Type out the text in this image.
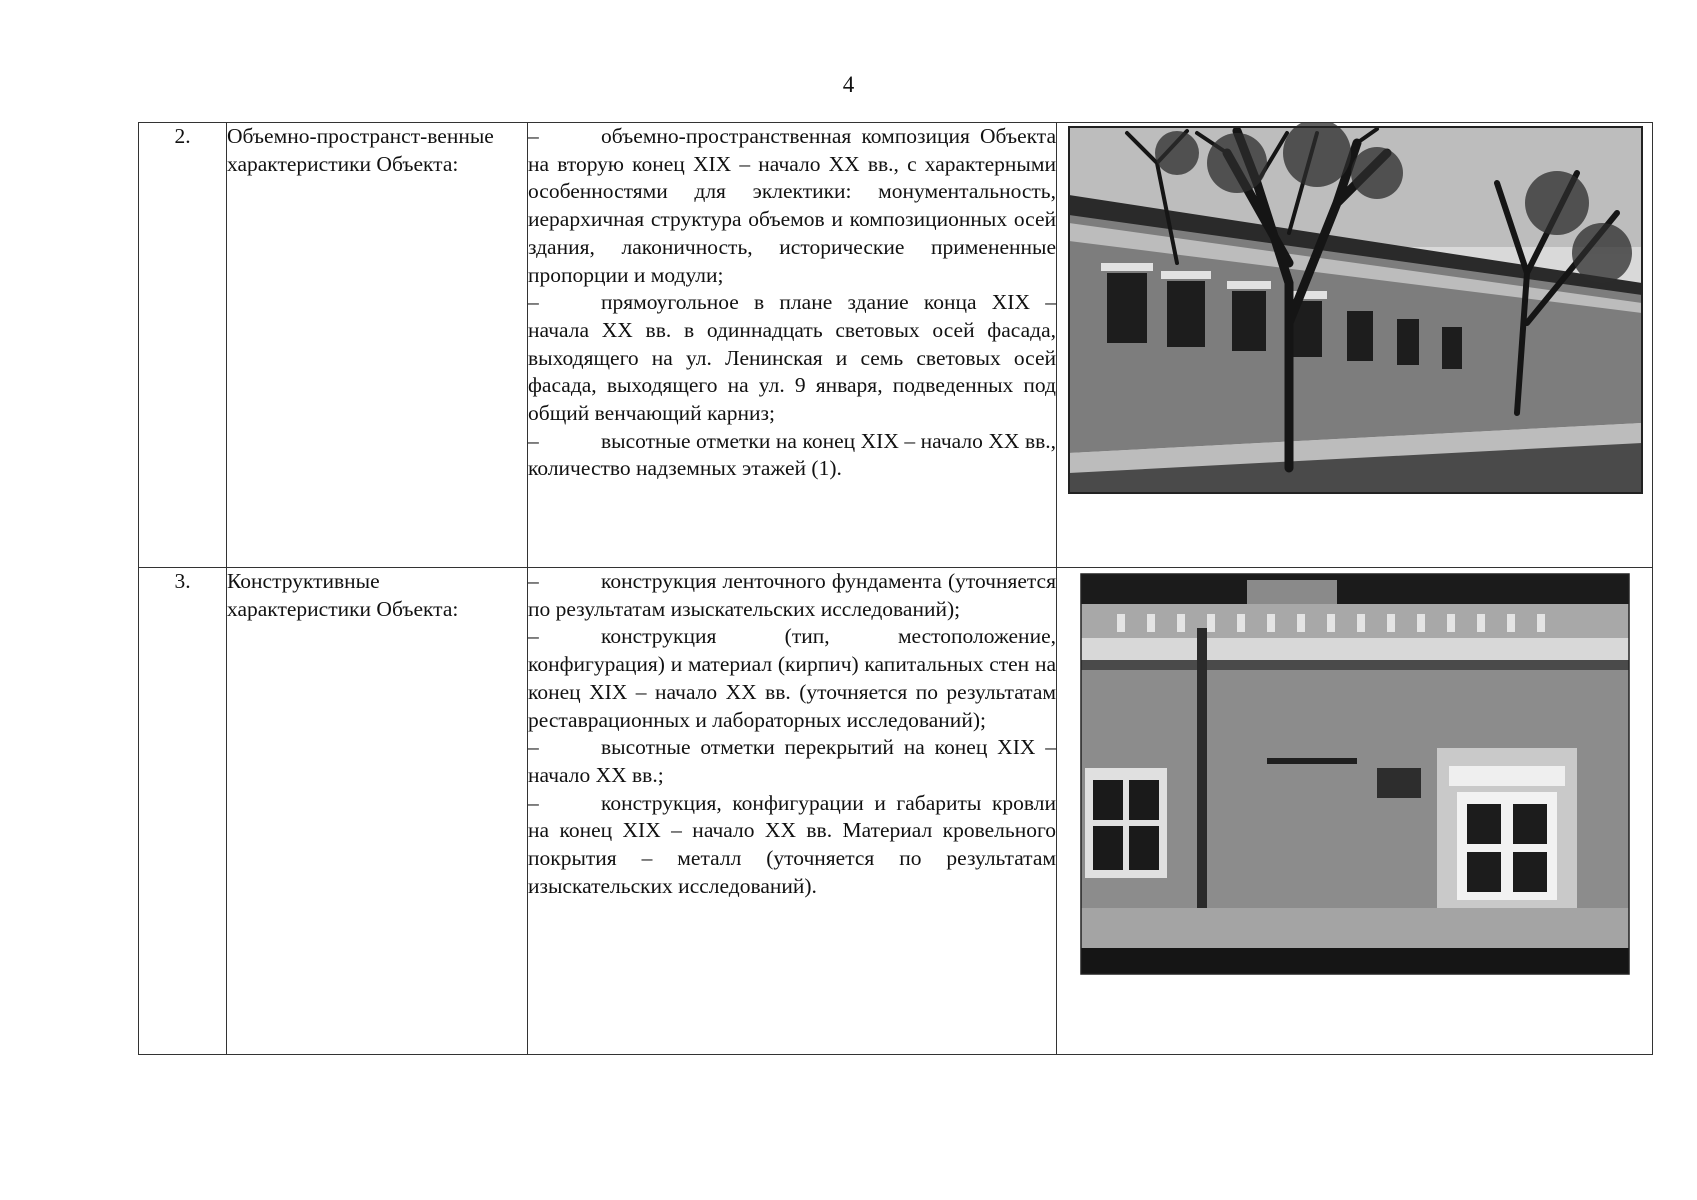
4
2.	Объемно-пространст-венные характеристики Объекта:	– объемно-пространственная композиция Объекта на вторую конец XIX – начало XX вв., с характерными особенностями для эклектики: монументальность, иерархичная структура объемов и композиционных осей здания, лаконичность, исторические примененные пропорции и модули;
– прямоугольное в плане здание конца XIX – начала XX вв. в одиннадцать световых осей фасада, выходящего на ул. Ленинская и семь световых осей фасада, выходящего на ул. 9 января, подведенных под общий венчающий карниз;
– высотные отметки на конец XIX – начало XX вв., количество надземных этажей (1).

3.	Конструктивные характеристики Объекта:	– конструкция ленточного фундамента (уточняется по результатам изыскательских исследований);
– конструкция (тип, местоположение, конфигурация) и материал (кирпич) капитальных стен на конец XIX – начало XX вв. (уточняется по результатам реставрационных и лабораторных исследований);
– высотные отметки перекрытий на конец XIX – начало XX вв.;
– конструкция, конфигурации и габариты кровли на конец XIX – начало XX вв. Материал кровельного покрытия – металл (уточняется по результатам изыскательских исследований).
